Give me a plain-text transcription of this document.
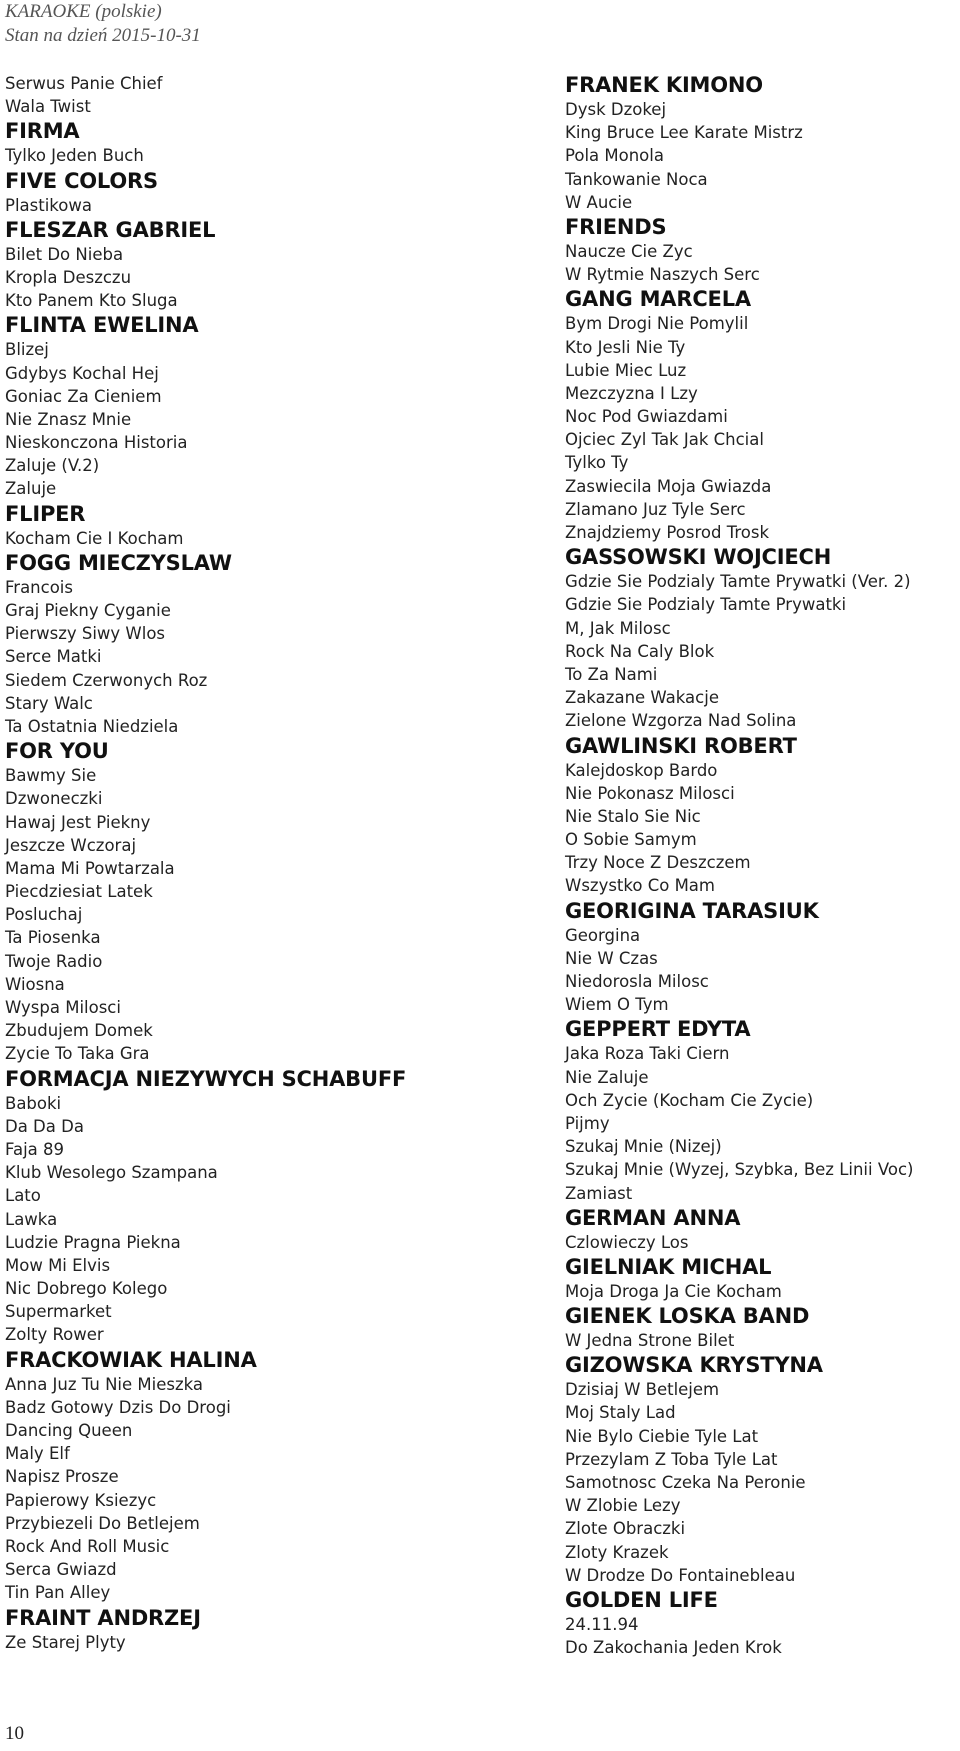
KARAOKE (polskie)
Stan na dzień 2015-10-31
Serwus Panie Chief
Wala Twist
FIRMA
Tylko Jeden Buch
FIVE COLORS
Plastikowa
FLESZAR GABRIEL
Bilet Do Nieba
Kropla Deszczu
Kto Panem Kto Sluga
FLINTA EWELINA
Blizej
Gdybys Kochal Hej
Goniac Za Cieniem
Nie Znasz Mnie
Nieskonczona Historia
Zaluje (V.2)
Zaluje
FLIPER
Kocham Cie I Kocham
FOGG MIECZYSLAW
Francois
Graj Piekny Cyganie
Pierwszy Siwy Wlos
Serce Matki
Siedem Czerwonych Roz
Stary Walc
Ta Ostatnia Niedziela
FOR YOU
Bawmy Sie
Dzwoneczki
Hawaj Jest Piekny
Jeszcze Wczoraj
Mama Mi Powtarzala
Piecdziesiat Latek
Posluchaj
Ta Piosenka
Twoje Radio
Wiosna
Wyspa Milosci
Zbudujem Domek
Zycie To Taka Gra
FORMACJA NIEZYWYCH SCHABUFF
Baboki
Da Da Da
Faja 89
Klub Wesolego Szampana
Lato
Lawka
Ludzie Pragna Piekna
Mow Mi Elvis
Nic Dobrego Kolego
Supermarket
Zolty Rower
FRACKOWIAK HALINA
Anna Juz Tu Nie Mieszka
Badz Gotowy Dzis Do Drogi
Dancing Queen
Maly Elf
Napisz Prosze
Papierowy Ksiezyc
Przybiezeli Do Betlejem
Rock And Roll Music
Serca Gwiazd
Tin Pan Alley
FRAINT ANDRZEJ
Ze Starej Plyty
FRANEK KIMONO
Dysk Dzokej
King Bruce Lee Karate Mistrz
Pola Monola
Tankowanie Noca
W Aucie
FRIENDS
Naucze Cie Zyc
W Rytmie Naszych Serc
GANG MARCELA
Bym Drogi Nie Pomylil
Kto Jesli Nie Ty
Lubie Miec Luz
Mezczyzna I Lzy
Noc Pod Gwiazdami
Ojciec Zyl Tak Jak Chcial
Tylko Ty
Zaswiecila Moja Gwiazda
Zlamano Juz Tyle Serc
Znajdziemy Posrod Trosk
GASSOWSKI WOJCIECH
Gdzie Sie Podzialy Tamte Prywatki (Ver. 2)
Gdzie Sie Podzialy Tamte Prywatki
M, Jak Milosc
Rock Na Caly Blok
To Za Nami
Zakazane Wakacje
Zielone Wzgorza Nad Solina
GAWLINSKI ROBERT
Kalejdoskop Bardo
Nie Pokonasz Milosci
Nie Stalo Sie Nic
O Sobie Samym
Trzy Noce Z Deszczem
Wszystko Co Mam
GEORIGINA TARASIUK
Georgina
Nie W Czas
Niedorosla Milosc
Wiem O Tym
GEPPERT EDYTA
Jaka Roza Taki Ciern
Nie Zaluje
Och Zycie (Kocham Cie Zycie)
Pijmy
Szukaj Mnie (Nizej)
Szukaj Mnie (Wyzej, Szybka, Bez Linii Voc)
Zamiast
GERMAN ANNA
Czlowieczy Los
GIELNIAK MICHAL
Moja Droga Ja Cie Kocham
GIENEK LOSKA BAND
W Jedna Strone Bilet
GIZOWSKA KRYSTYNA
Dzisiaj W Betlejem
Moj Staly Lad
Nie Bylo Ciebie Tyle Lat
Przezylam Z Toba Tyle Lat
Samotnosc Czeka Na Peronie
W Zlobie Lezy
Zlote Obraczki
Zloty Krazek
W Drodze Do Fontainebleau
GOLDEN LIFE
24.11.94
Do Zakochania Jeden Krok
10
